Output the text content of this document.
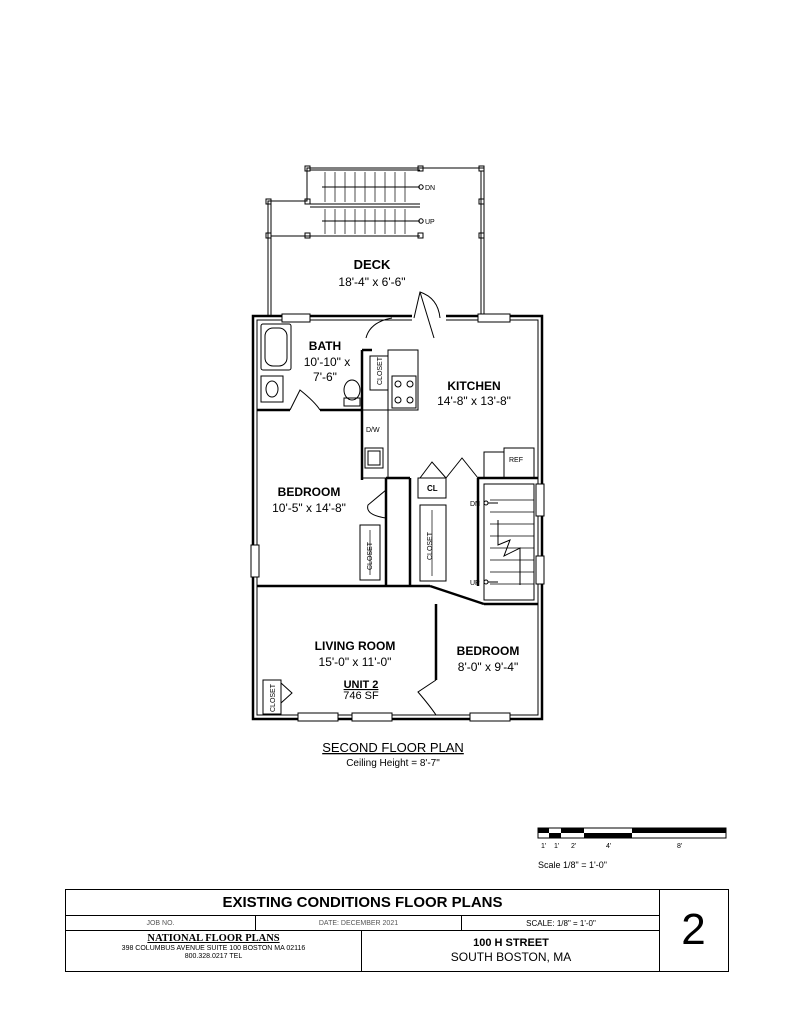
DECK
18'-4" x 6'-6"
BATH
10'-10" x
7'-6"
KITCHEN
14'-8" x 13'-8"
BEDROOM
10'-5" x 14'-8"
LIVING ROOM
15'-0" x 11'-0"
UNIT 2
746 SF
BEDROOM
8'-0" x 9'-4"
DN
UP
DN
UP
D/W
REF
CL
CLOSET
CLOSET
CLOSET
CLOSET
SECOND FLOOR PLAN
Ceiling Height = 8'-7"
1' 1' 2'	4'	8'
Scale 1/8" = 1'-0"
EXISTING CONDITIONS FLOOR PLANS
JOB NO.	DATE: DECEMBER 2021	SCALE: 1/8" = 1'-0"
NATIONAL FLOOR PLANS
398 COLUMBUS AVENUE SUITE 100 BOSTON MA 02116
800.328.0217 TEL
100 H STREET
SOUTH BOSTON, MA
2
